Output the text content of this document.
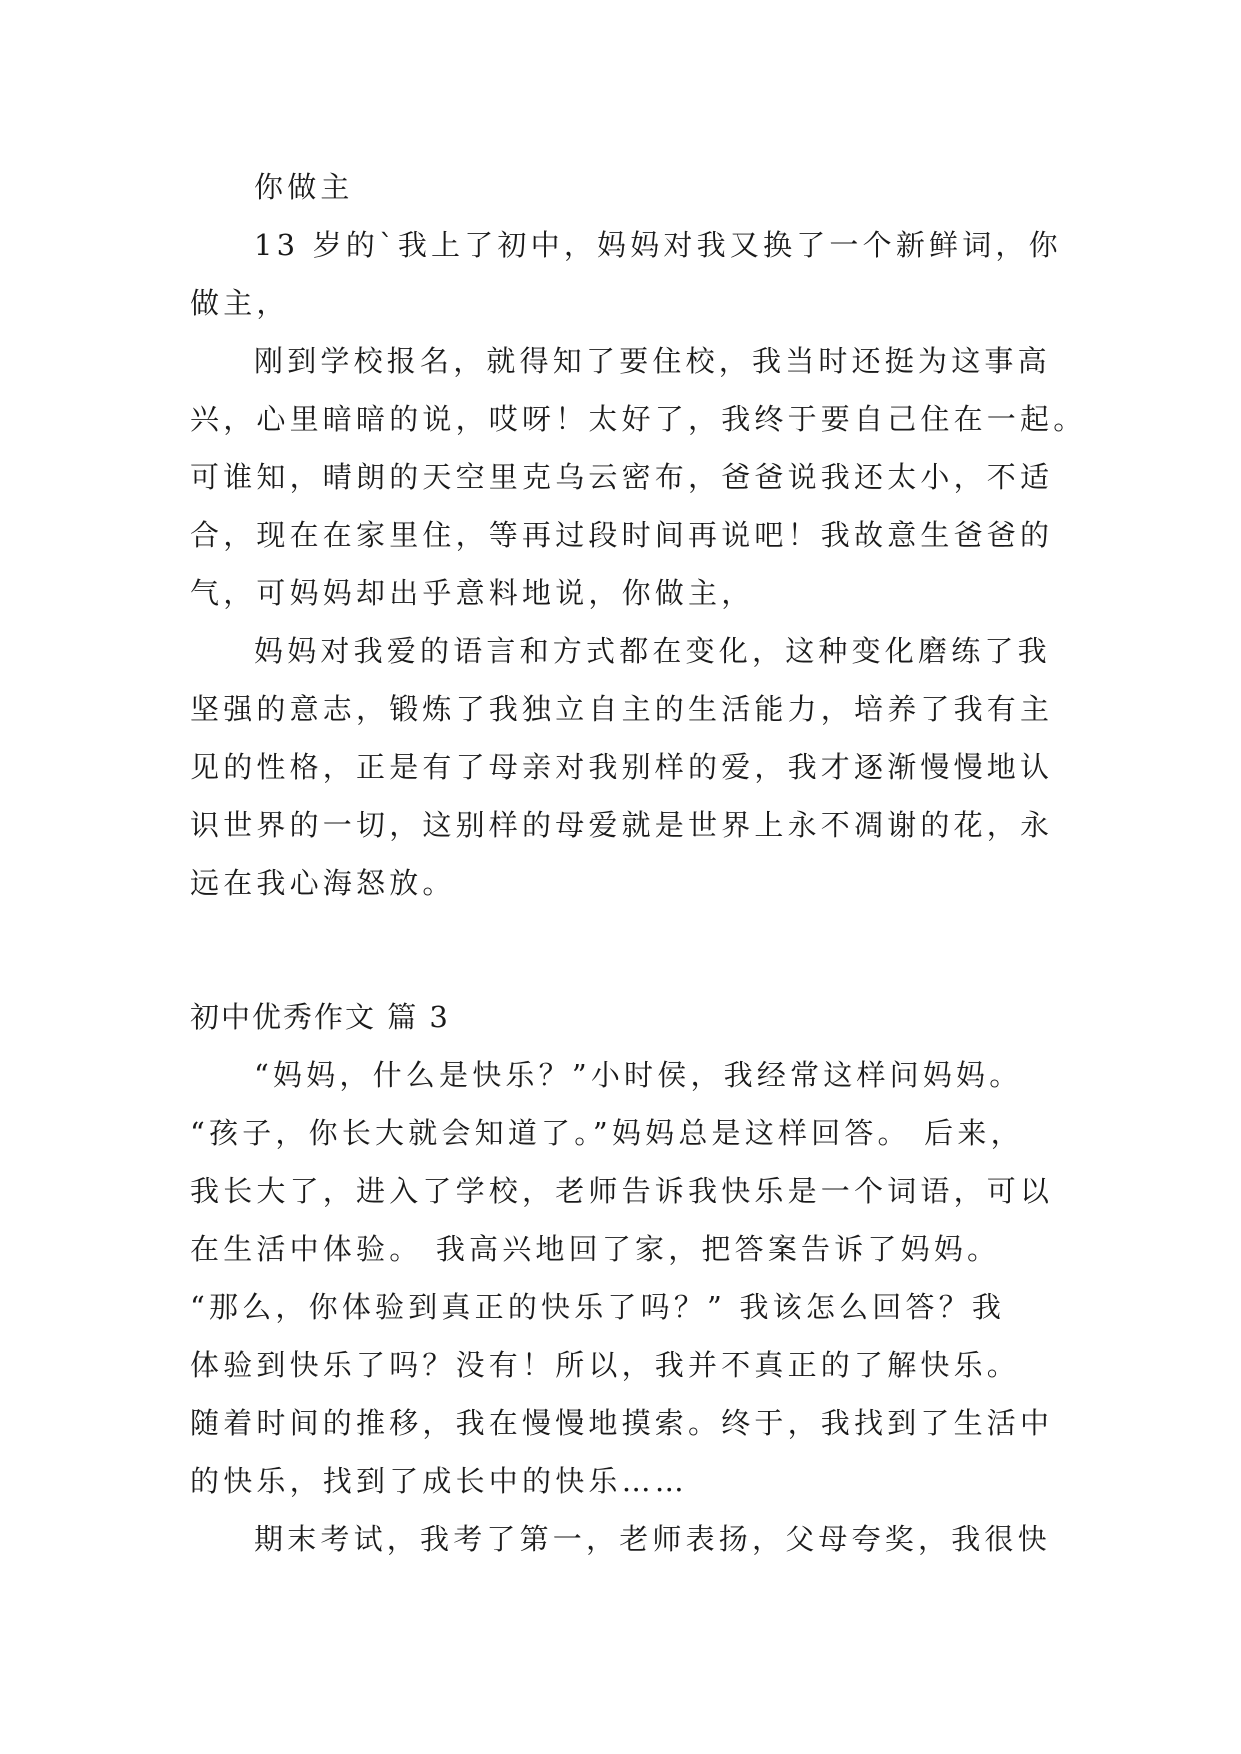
你做主
13 岁的`我上了初中，妈妈对我又换了一个新鲜词，你
做主，
刚到学校报名，就得知了要住校，我当时还挺为这事高
兴，心里暗暗的说，哎呀！太好了，我终于要自己住在一起。
可谁知，晴朗的天空里克乌云密布，爸爸说我还太小，不适
合，现在在家里住，等再过段时间再说吧！我故意生爸爸的
气，可妈妈却出乎意料地说，你做主，
妈妈对我爱的语言和方式都在变化，这种变化磨练了我
坚强的意志，锻炼了我独立自主的生活能力，培养了我有主
见的性格，正是有了母亲对我别样的爱，我才逐渐慢慢地认
识世界的一切，这别样的母爱就是世界上永不凋谢的花，永
远在我心海怒放。
初中优秀作文 篇 3
“妈妈，什么是快乐？”小时侯，我经常这样问妈妈。
“孩子，你长大就会知道了。”妈妈总是这样回答。 后来，
我长大了，进入了学校，老师告诉我快乐是一个词语，可以
在生活中体验。 我高兴地回了家，把答案告诉了妈妈。
“那么，你体验到真正的快乐了吗？” 我该怎么回答？我
体验到快乐了吗？没有！所以，我并不真正的了解快乐。
随着时间的推移，我在慢慢地摸索。终于，我找到了生活中
的快乐，找到了成长中的快乐……
期末考试，我考了第一，老师表扬，父母夸奖，我很快
